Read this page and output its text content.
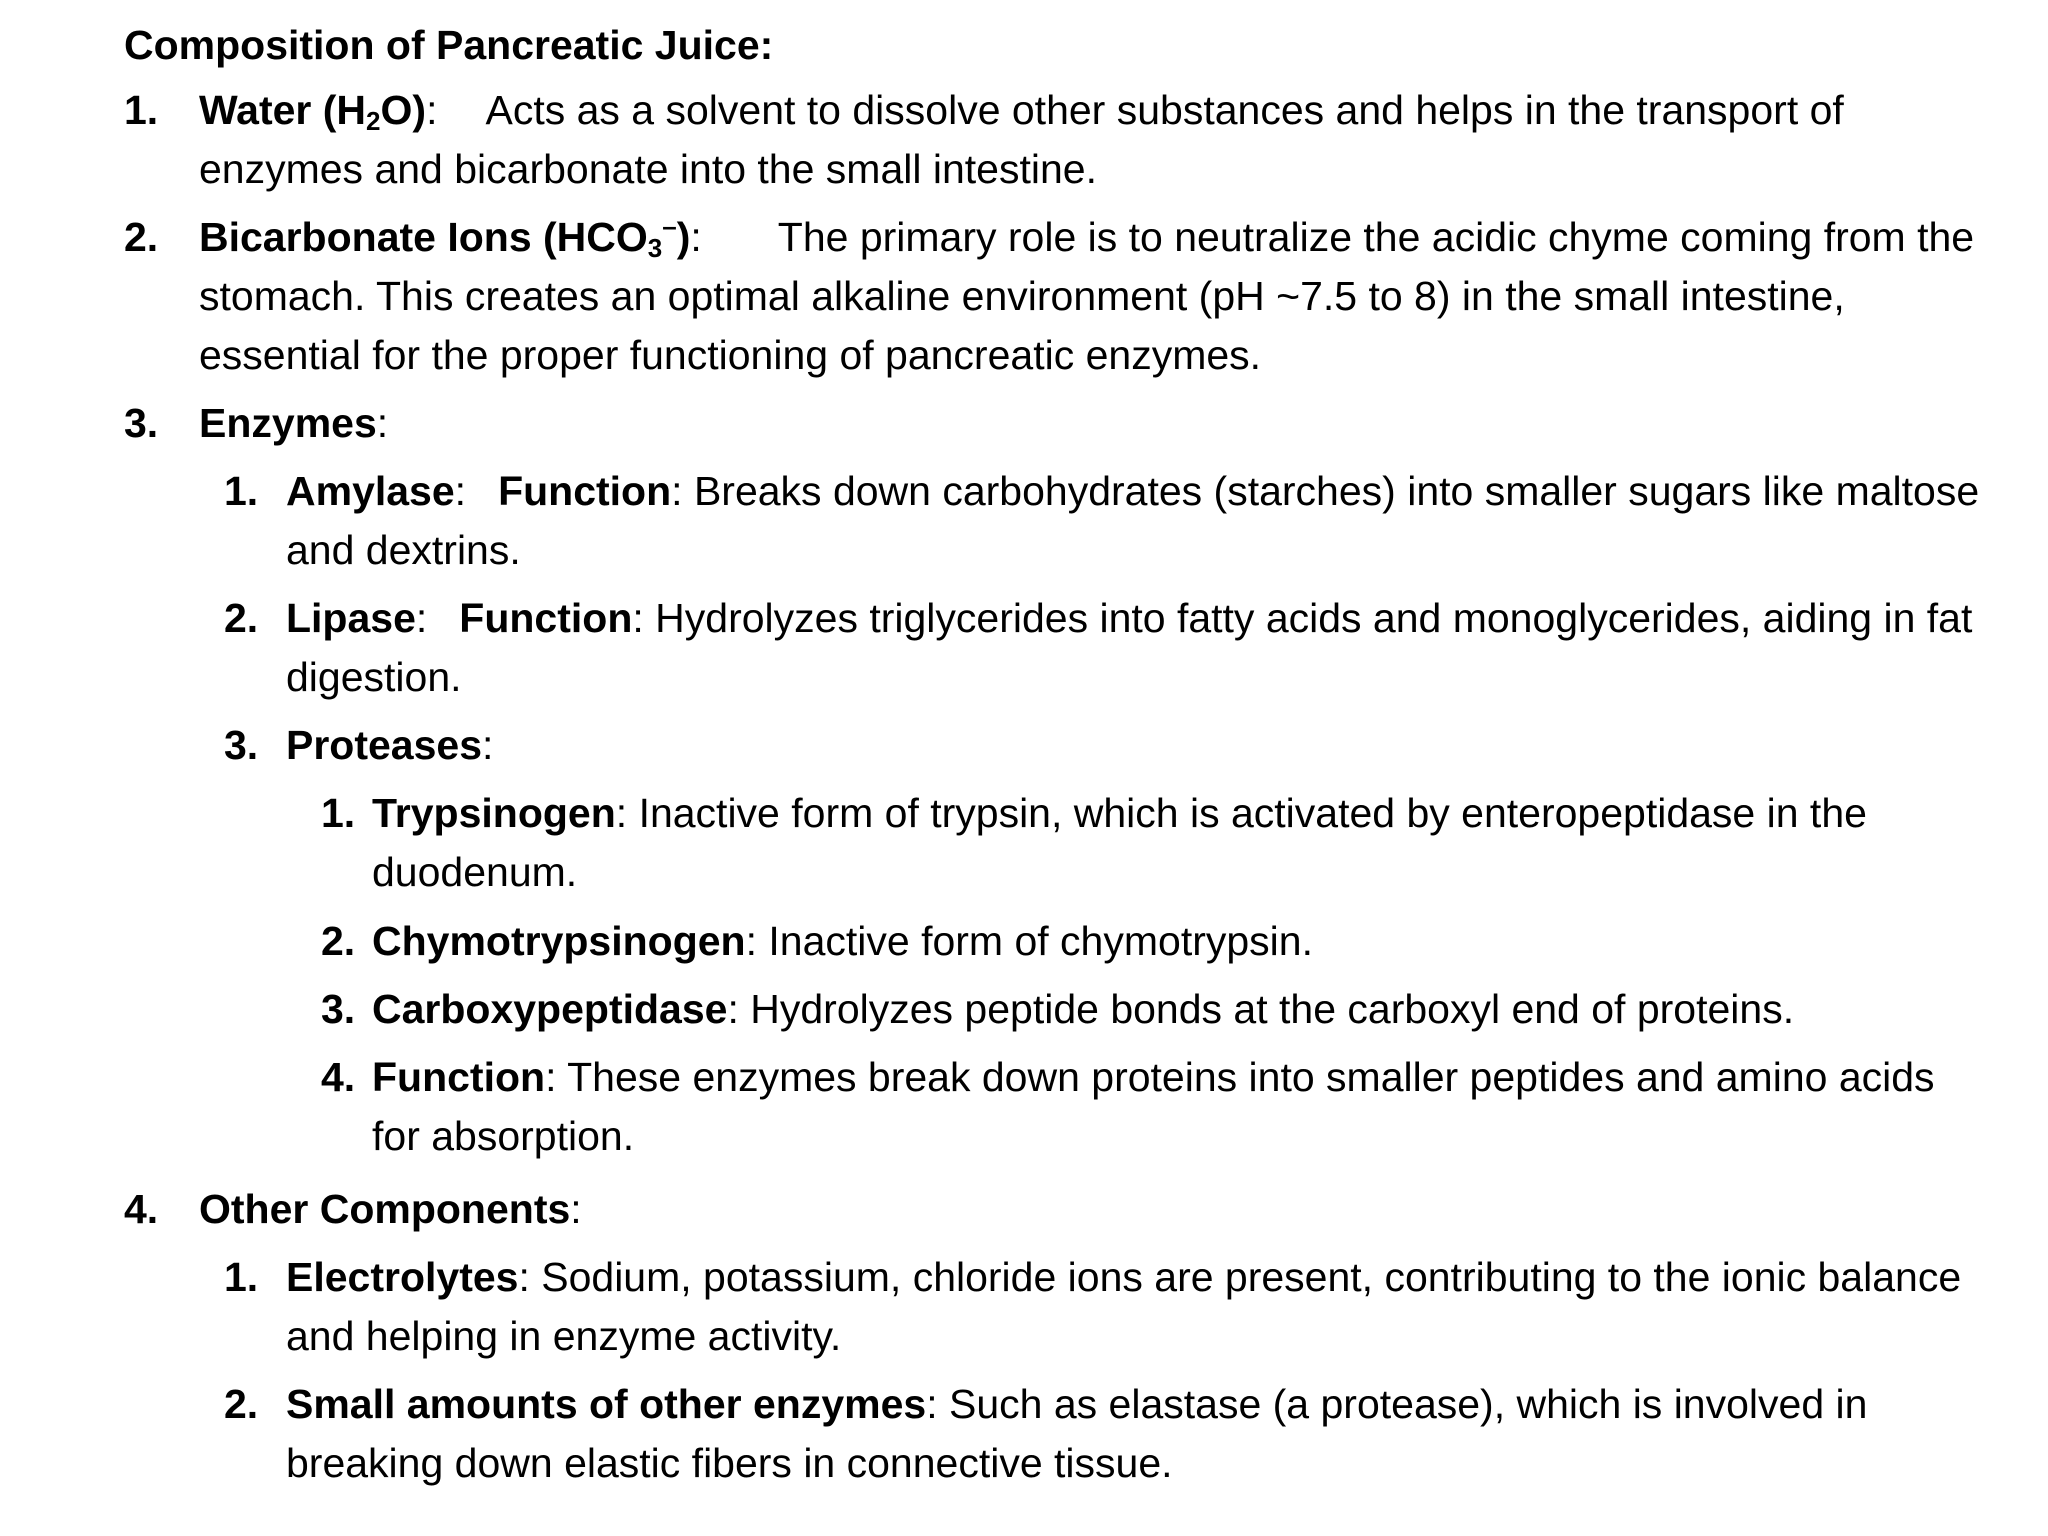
Composition of Pancreatic Juice:
1. Water $(H_2O)$: Acts as a solvent to dissolve other substances and helps in the transport of enzymes and bicarbonate into the small intestine.
2. Bicarbonate Ions $(HCO_3^-)$: The primary role is to neutralize the acidic chyme coming from the stomach. This creates an optimal alkaline environment (pH ~7.5 to 8) in the small intestine, essential for the proper functioning of pancreatic enzymes.
3. Enzymes:
1. Amylase: Function: Breaks down carbohydrates (starches) into smaller sugars like maltose and dextrins.
2. Lipase: Function: Hydrolyzes triglycerides into fatty acids and monoglycerides, aiding in fat digestion.
3. Proteases:
1. Trypsinogen: Inactive form of trypsin, which is activated by enteropeptidase in the duodenum.
2. Chymotrypsinogen: Inactive form of chymotrypsin.
3. Carboxypeptidase: Hydrolyzes peptide bonds at the carboxyl end of proteins.
4. Function: These enzymes break down proteins into smaller peptides and amino acids for absorption.
4. Other Components:
1. Electrolytes: Sodium, potassium, chloride ions are present, contributing to the ionic balance and helping in enzyme activity.
2. Small amounts of other enzymes: Such as elastase (a protease), which is involved in breaking down elastic fibers in connective tissue.
